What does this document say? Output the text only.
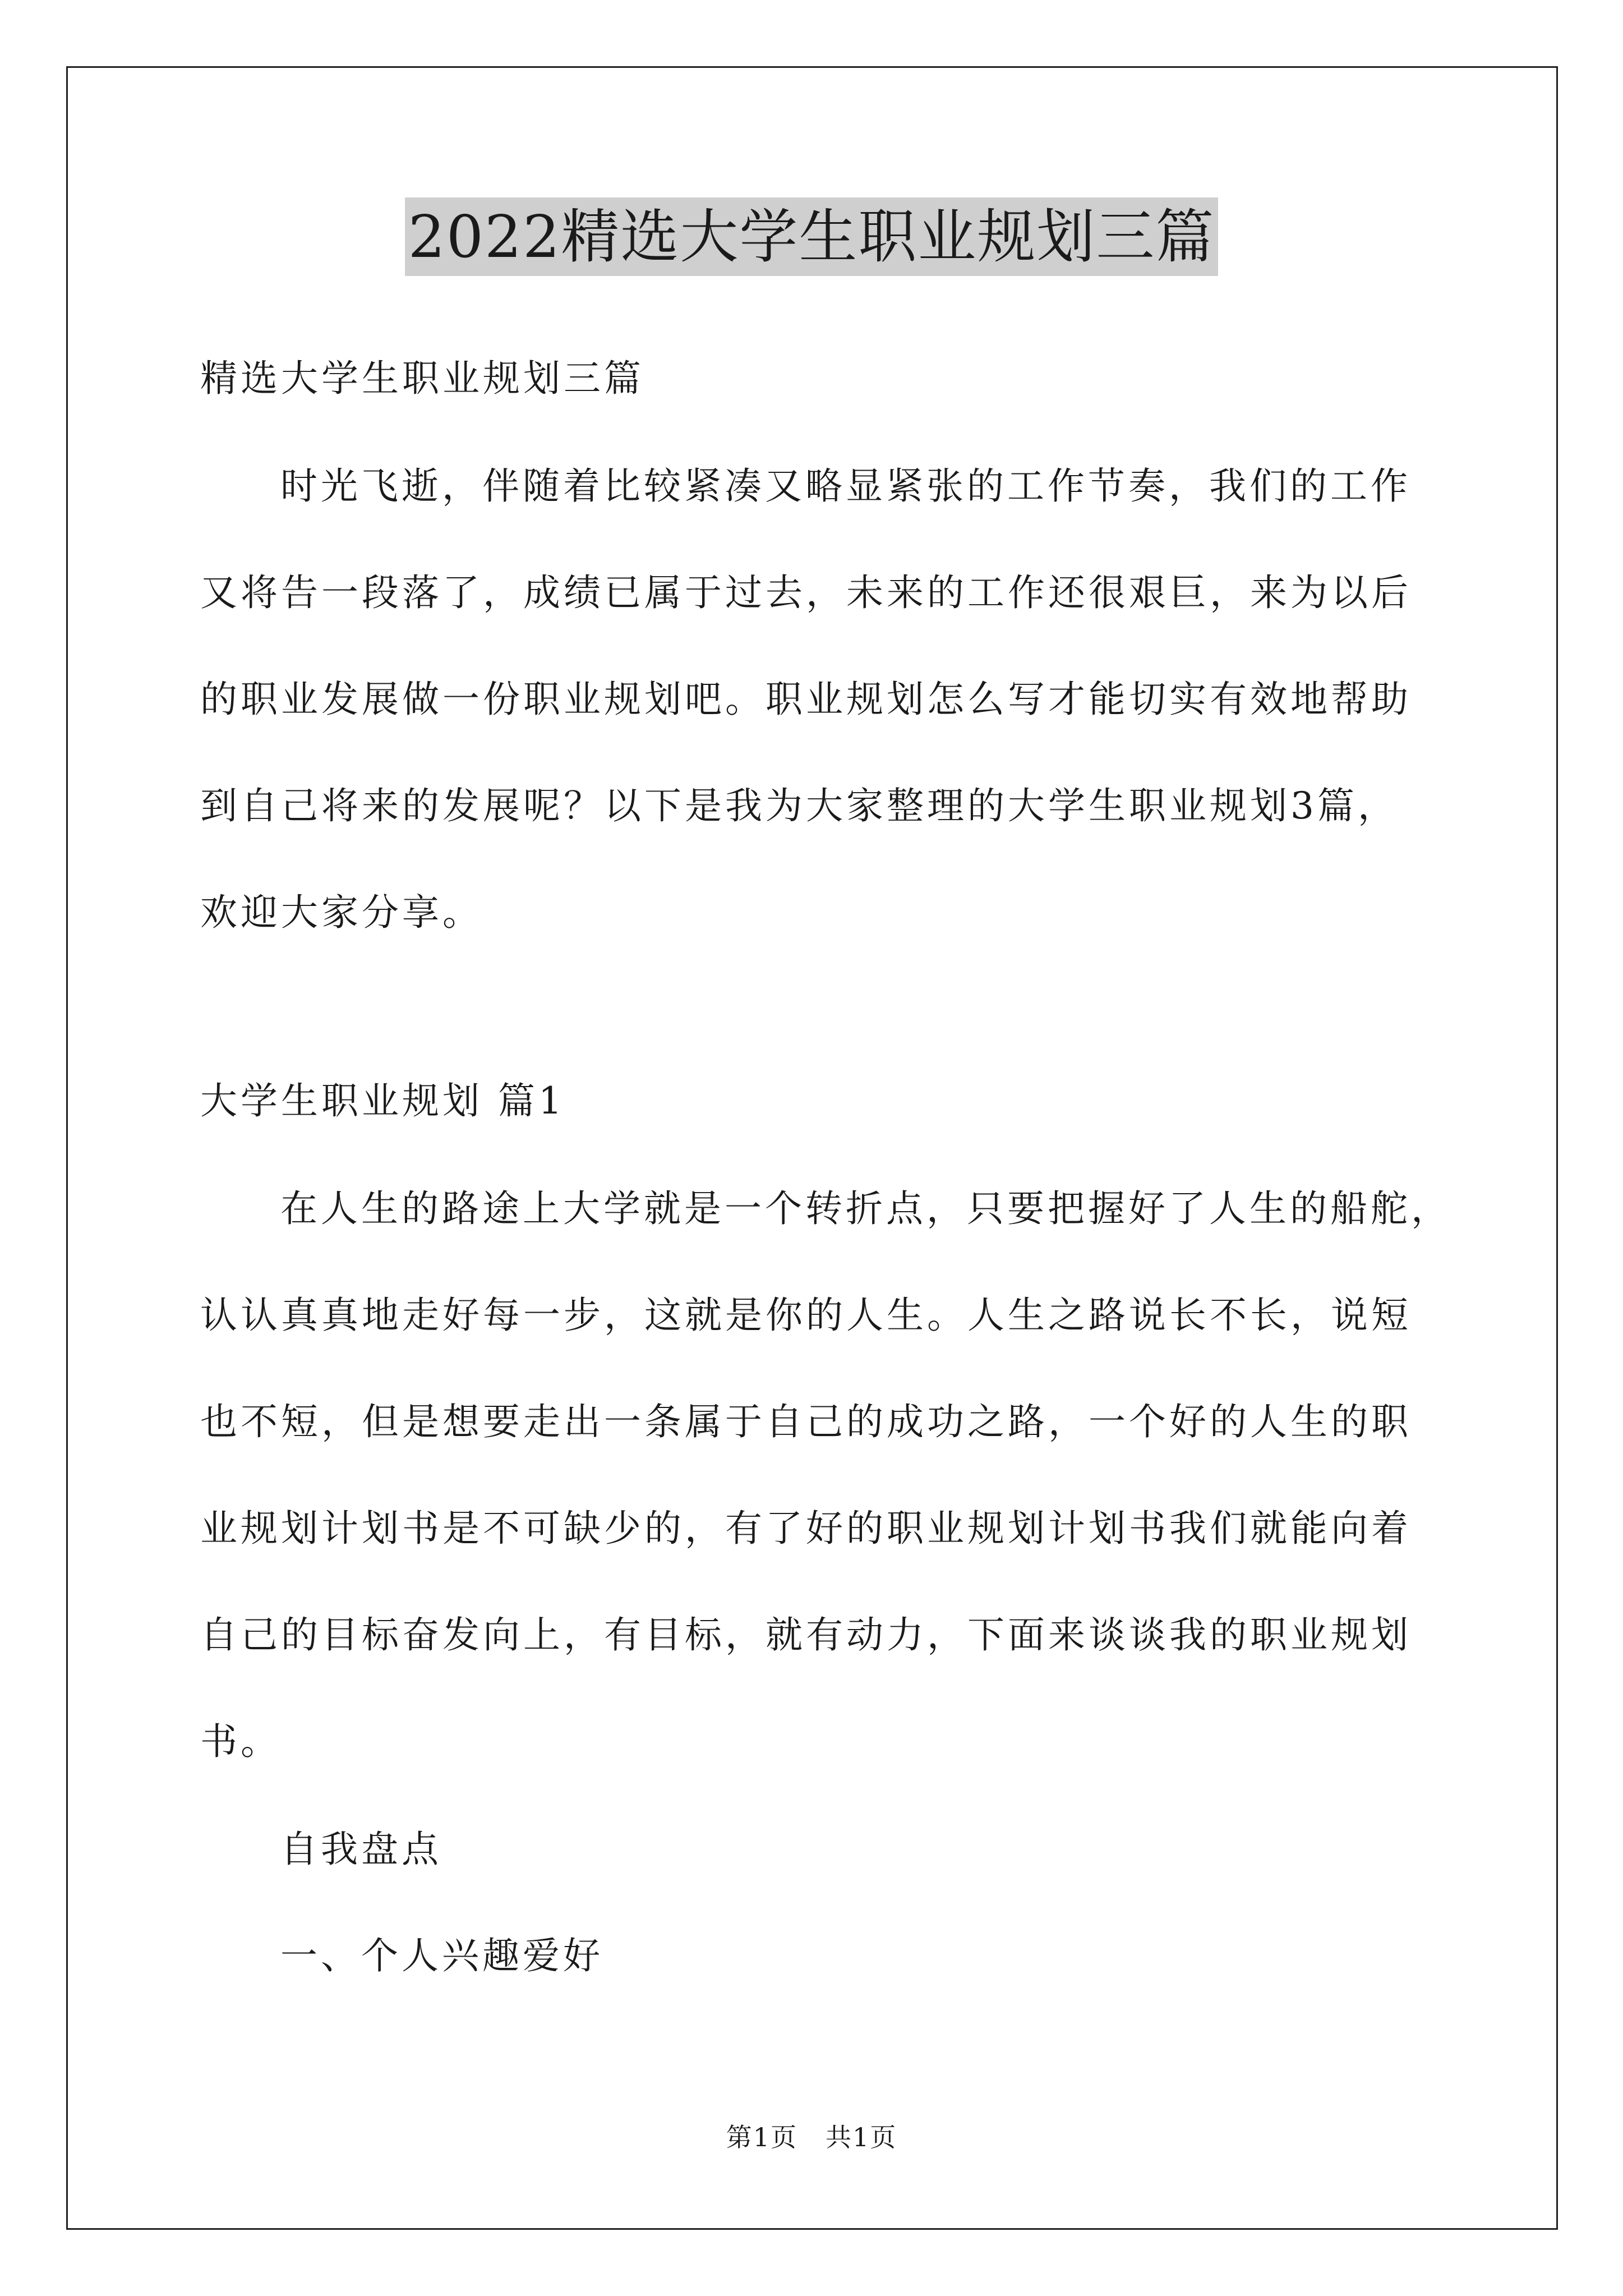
2022精选大学生职业规划三篇
精选大学生职业规划三篇
时光飞逝，伴随着比较紧凑又略显紧张的工作节奏，我们的工作
又将告一段落了，成绩已属于过去，未来的工作还很艰巨，来为以后
的职业发展做一份职业规划吧。职业规划怎么写才能切实有效地帮助
到自己将来的发展呢？以下是我为大家整理的大学生职业规划3篇，
欢迎大家分享。
大学生职业规划 篇1
在人生的路途上大学就是一个转折点，只要把握好了人生的船舵，
认认真真地走好每一步，这就是你的人生。人生之路说长不长，说短
也不短，但是想要走出一条属于自己的成功之路，一个好的人生的职
业规划计划书是不可缺少的，有了好的职业规划计划书我们就能向着
自己的目标奋发向上，有目标，就有动力，下面来谈谈我的职业规划
书。
自我盘点
一、个人兴趣爱好
第1页 共1页
